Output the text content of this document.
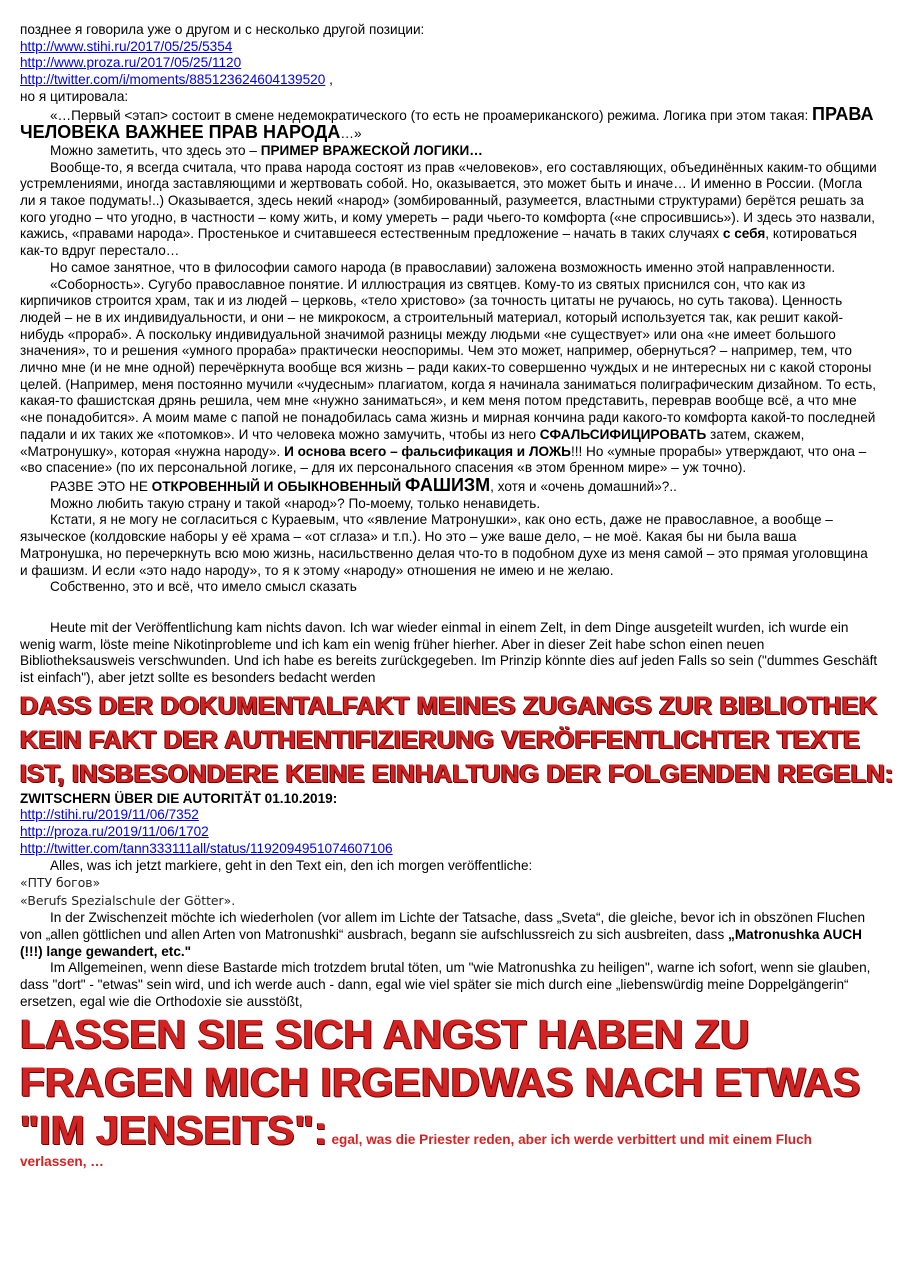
позднее я говорила уже о другом и с несколько другой позиции:

http://www.stihi.ru/2017/05/25/5354
http://www.proza.ru/2017/05/25/1120
http://twitter.com/i/moments/885123624604139520 ,

но я цитировала:

«…Первый <этап> состоит в смене недемократического (то есть не проамериканского) режима. Логика при этом такая: ПРАВА ЧЕЛОВЕКА ВАЖНЕЕ ПРАВ НАРОДА…»

Можно заметить, что здесь это – ПРИМЕР ВРАЖЕСКОЙ ЛОГИКИ…

Вообще-то, я всегда считала, что права народа состоят из прав «человеков», его составляющих, объединённых каким-то общими устремлениями, иногда заставляющими и жертвовать собой. Но, оказывается, это может быть и иначе… И именно в России. (Могла ли я такое подумать!..) Оказывается, здесь некий «народ» (зомбированный, разумеется, властными структурами) берётся решать за кого угодно – что угодно, в частности – кому жить, и кому умереть – ради чьего-то комфорта («не спросившись»). И здесь это назвали, кажись, «правами народа». Простенькое и считавшееся естественным предложение – начать в таких случаях с себя, котироваться как-то вдруг перестало…

Но самое занятное, что в философии самого народа (в православии) заложена возможность именно этой направленности.

«Соборность». Сугубо православное понятие. И иллюстрация из святцев. Кому-то из святых приснился сон, что как из кирпичиков строится храм, так и из людей – церковь, «тело христово» (за точность цитаты не ручаюсь, но суть такова). Ценность людей – не в их индивидуальности, и они – не микрокосм, а строительный материал, который используется так, как решит какой-нибудь «прораб». А поскольку индивидуальной значимой разницы между людьми «не существует» или она «не имеет большого значения», то и решения «умного прораба» практически неоспоримы. Чем это может, например, обернуться? – например, тем, что лично мне (и не мне одной) перечёркнута вообще вся жизнь – ради каких-то совершенно чуждых и не интересных ни с какой стороны целей. (Например, меня постоянно мучили «чудесным» плагиатом, когда я начинала заниматься полиграфическим дизайном. То есть, какая-то фашистская дрянь решила, чем мне «нужно заниматься», и кем меня потом представить, переврав вообще всё, а что мне «не понадобится». А моим маме с папой не понадобилась сама жизнь и мирная кончина ради какого-то комфорта какой-то последней падали и их таких же «потомков». И что человека можно замучить, чтобы из него СФАЛЬСИФИЦИРОВАТЬ затем, скажем, «Матронушку», которая «нужна народу». И основа всего – фальсификация и ЛОЖЬ!!! Но «умные прорабы» утверждают, что она – «во спасение» (по их персональной логике, – для их персонального спасения «в этом бренном мире» – уж точно).

РАЗВЕ ЭТО НЕ ОТКРОВЕННЫЙ И ОБЫКНОВЕННЫЙ ФАШИЗМ, хотя и «очень домашний»?..

Можно любить такую страну и такой «народ»? По-моему, только ненавидеть.

Кстати, я не могу не согласиться с Кураевым, что «явление Матронушки», как оно есть, даже не православное, а вообще – языческое (колдовские наборы у её храма – «от сглаза» и т.п.). Но это – уже ваше дело, – не моё. Какая бы ни была ваша Матронушка, но перечеркнуть всю мою жизнь, насильственно делая что-то в подобном духе из меня самой – это прямая уголовщина и фашизм. И если «это надо народу», то я к этому «народу» отношения не имею и не желаю.

Собственно, это и всё, что имело смысл сказать

Heute mit der Veröffentlichung kam nichts davon. Ich war wieder einmal in einem Zelt, in dem Dinge ausgeteilt wurden, ich wurde ein wenig warm, löste meine Nikotinprobleme und ich kam ein wenig früher hierher. Aber in dieser Zeit habe schon einen neuen Bibliotheksausweis verschwunden. Und ich habe es bereits zurückgegeben. Im Prinzip könnte dies auf jeden Falls so sein ("dummes Geschäft ist einfach"), aber jetzt sollte es besonders bedacht werden

DASS DER DOKUMENTALFAKT MEINES ZUGANGS ZUR BIBLIOTHEK KEIN FAKT DER AUTHENTIFIZIERUNG VERÖFFENTLICHTER TEXTE IST, INSBESONDERE KEINE EINHALTUNG DER FOLGENDEN REGELN:

ZWITSCHERN ÜBER DIE AUTORITÄT 01.10.2019:

http://stihi.ru/2019/11/06/7352
http://proza.ru/2019/11/06/1702
http://twitter.com/tann333111all/status/1192094951074607106

Alles, was ich jetzt markiere, geht in den Text ein, den ich morgen veröffentliche:

«ПТУ богов»

«Berufs Spezialschule der Götter».

In der Zwischenzeit möchte ich wiederholen (vor allem im Lichte der Tatsache, dass „Sveta“, die gleiche, bevor ich in obszönen Fluchen von „allen göttlichen und allen Arten von Matronushki“ ausbrach, begann sie aufschlussreich zu sich ausbreiten, dass „Matronushka AUCH (!!!) lange gewandert, etc."

Im Allgemeinen, wenn diese Bastarde mich trotzdem brutal töten, um "wie Matronushka zu heiligen", warne ich sofort, wenn sie glauben, dass "dort" - "etwas" sein wird, und ich werde auch - dann, egal wie viel später sie mich durch eine „liebenswürdig meine Doppelgängerin“ ersetzen, egal wie die Orthodoxie sie ausstößt,

LASSEN SIE SICH ANGST HABEN ZU FRAGEN MICH IRGENDWAS NACH ETWAS "IM JENSEITS": egal, was die Priester reden, aber ich werde verbittert und mit einem Fluch verlassen, …
